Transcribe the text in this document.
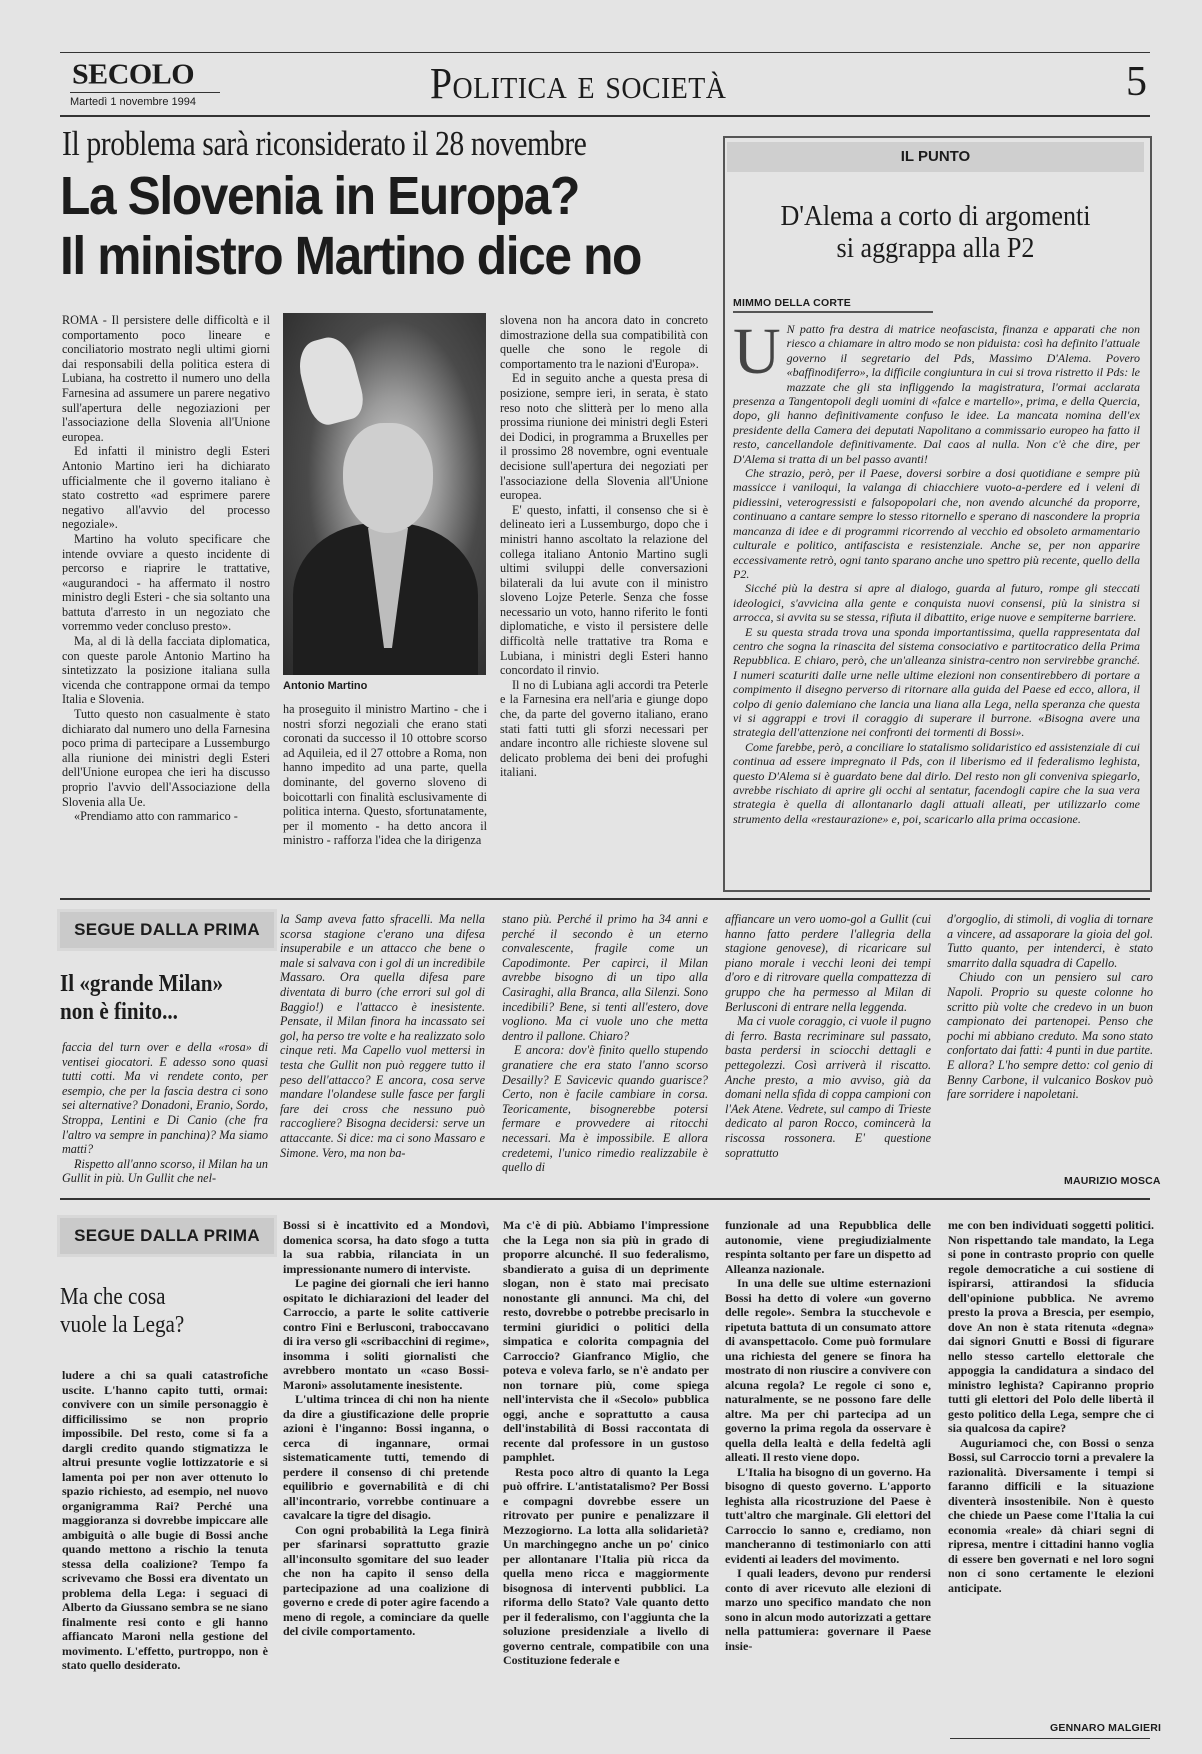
SECOLO
Martedì 1 novembre 1994	Politica e società	5
Il problema sarà riconsiderato il 28 novembre
La Slovenia in Europa?
Il ministro Martino dice no

ROMA - Il persistere delle difficoltà e il comportamento poco lineare e conciliatorio mostrato negli ultimi giorni dai responsabili della politica estera di Lubiana, ha costretto il numero uno della Farnesina ad assumere un parere negativo sull'apertura delle negoziazioni per l'associazione della Slovenia all'Unione europea.

Ed infatti il ministro degli Esteri Antonio Martino ieri ha dichiarato ufficialmente che il governo italiano è stato costretto «ad esprimere parere negativo all'avvio del processo negoziale».

Martino ha voluto specificare che intende ovviare a questo incidente di percorso e riaprire le trattative, «augurandoci - ha affermato il nostro ministro degli Esteri - che sia soltanto una battuta d'arresto in un negoziato che vorremmo veder concluso presto».

Ma, al di là della facciata diplomatica, con queste parole Antonio Martino ha sintetizzato la posizione italiana sulla vicenda che contrappone ormai da tempo Italia e Slovenia.

Tutto questo non casualmente è stato dichiarato dal numero uno della Farnesina poco prima di partecipare a Lussemburgo alla riunione dei ministri degli Esteri dell'Unione europea che ieri ha discusso proprio l'avvio dell'Associazione della Slovenia alla Ue.

«Prendiamo atto con rammarico -

Antonio Martino

ha proseguito il ministro Martino - che i nostri sforzi negoziali che erano stati coronati da successo il 10 ottobre scorso ad Aquileia, ed il 27 ottobre a Roma, non hanno impedito ad una parte, quella dominante, del governo sloveno di boicottarli con finalità esclusivamente di politica interna. Questo, sfortunatamente, per il momento - ha detto ancora il ministro - rafforza l'idea che la dirigenza

slovena non ha ancora dato in concreto dimostrazione della sua compatibilità con quelle che sono le regole di comportamento tra le nazioni d'Europa».

Ed in seguito anche a questa presa di posizione, sempre ieri, in serata, è stato reso noto che slitterà per lo meno alla prossima riunione dei ministri degli Esteri dei Dodici, in programma a Bruxelles per il prossimo 28 novembre, ogni eventuale decisione sull'apertura dei negoziati per l'associazione della Slovenia all'Unione europea.

E' questo, infatti, il consenso che si è delineato ieri a Lussemburgo, dopo che i ministri hanno ascoltato la relazione del collega italiano Antonio Martino sugli ultimi sviluppi delle conversazioni bilaterali da lui avute con il ministro sloveno Lojze Peterle. Senza che fosse necessario un voto, hanno riferito le fonti diplomatiche, e visto il persistere delle difficoltà nelle trattative tra Roma e Lubiana, i ministri degli Esteri hanno concordato il rinvio.

Il no di Lubiana agli accordi tra Peterle e la Farnesina era nell'aria e giunge dopo che, da parte del governo italiano, erano stati fatti tutti gli sforzi necessari per andare incontro alle richieste slovene sul delicato problema dei beni dei profughi italiani.

IL PUNTO
D'Alema a corto di argomenti
si aggrappa alla P2
MIMMO DELLA CORTE

U N patto fra destra di matrice neofascista, finanza e apparati che non riesco a chiamare in altro modo se non piduista: così ha definito l'attuale governo il segretario del Pds, Massimo D'Alema. Povero «baffinodiferro», la difficile congiuntura in cui si trova ristretto il Pds: le mazzate che gli sta infliggendo la magistratura, l'ormai acclarata presenza a Tangentopoli degli uomini di «falce e martello», prima, e della Quercia, dopo, gli hanno definitivamente confuso le idee. La mancata nomina dell'ex presidente della Camera dei deputati Napolitano a commissario europeo ha fatto il resto, cancellandole definitivamente. Dal caos al nulla. Non c'è che dire, per D'Alema si tratta di un bel passo avanti!

Che strazio, però, per il Paese, doversi sorbire a dosi quotidiane e sempre più massicce i vaniloqui, la valanga di chiacchiere vuoto-a-perdere ed i veleni di pidiessini, veterogressisti e falsopopolari che, non avendo alcunché da proporre, continuano a cantare sempre lo stesso ritornello e sperano di nascondere la propria mancanza di idee e di programmi ricorrendo al vecchio ed obsoleto armamentario culturale e politico, antifascista e resistenziale. Anche se, per non apparire eccessivamente retrò, ogni tanto sparano anche uno spettro più recente, quello della P2.

Sicché più la destra si apre al dialogo, guarda al futuro, rompe gli steccati ideologici, s'avvicina alla gente e conquista nuovi consensi, più la sinistra si arrocca, si avvita su se stessa, rifiuta il dibattito, erige nuove e sempiterne barriere.

E su questa strada trova una sponda importantissima, quella rappresentata dal centro che sogna la rinascita del sistema consociativo e partitocratico della Prima Repubblica. E chiaro, però, che un'alleanza sinistra-centro non servirebbe granché. I numeri scaturiti dalle urne nelle ultime elezioni non consentirebbero di portare a compimento il disegno perverso di ritornare alla guida del Paese ed ecco, allora, il colpo di genio dalemiano che lancia una liana alla Lega, nella speranza che questa vi si aggrappi e trovi il coraggio di superare il burrone. «Bisogna avere una strategia dell'attenzione nei confronti dei tormenti di Bossi».

Come farebbe, però, a conciliare lo statalismo solidaristico ed assistenziale di cui continua ad essere impregnato il Pds, con il liberismo ed il federalismo leghista, questo D'Alema si è guardato bene dal dirlo. Del resto non gli conveniva spiegarlo, avrebbe rischiato di aprire gli occhi al sentatur, facendogli capire che la sua vera strategia è quella di allontanarlo dagli attuali alleati, per utilizzarlo come strumento della «restaurazione» e, poi, scaricarlo alla prima occasione.

SEGUE DALLA PRIMA
Il «grande Milan»
non è finito...

faccia del turn over e della «rosa» di ventisei giocatori. E adesso sono quasi tutti cotti. Ma vi rendete conto, per esempio, che per la fascia destra ci sono sei alternative? Donadoni, Eranio, Sordo, Stroppa, Lentini e Di Canio (che fra l'altro va sempre in panchina)? Ma siamo matti?

Rispetto all'anno scorso, il Milan ha un Gullit in più. Un Gullit che nel-

la Samp aveva fatto sfracelli. Ma nella scorsa stagione c'erano una difesa insuperabile e un attacco che bene o male si salvava con i gol di un incredibile Massaro. Ora quella difesa pare diventata di burro (che errori sul gol di Baggio!) e l'attacco è inesistente. Pensate, il Milan finora ha incassato sei gol, ha perso tre volte e ha realizzato solo cinque reti. Ma Capello vuol mettersi in testa che Gullit non può reggere tutto il peso dell'attacco? E ancora, cosa serve mandare l'olandese sulle fasce per fargli fare dei cross che nessuno può raccogliere? Bisogna decidersi: serve un attaccante. Si dice: ma ci sono Massaro e Simone. Vero, ma non ba-

stano più. Perché il primo ha 34 anni e perché il secondo è un eterno convalescente, fragile come un Capodimonte. Per capirci, il Milan avrebbe bisogno di un tipo alla Casiraghi, alla Branca, alla Silenzi. Sono incedibili? Bene, si tenti all'estero, dove vogliono. Ma ci vuole uno che metta dentro il pallone. Chiaro?

E ancora: dov'è finito quello stupendo granatiere che era stato l'anno scorso Desailly? E Savicevic quando guarisce? Certo, non è facile cambiare in corsa. Teoricamente, bisognerebbe potersi fermare e provvedere ai ritocchi necessari. Ma è impossibile. E allora credetemi, l'unico rimedio realizzabile è quello di

affiancare un vero uomo-gol a Gullit (cui hanno fatto perdere l'allegria della stagione genovese), di ricaricare sul piano morale i vecchi leoni dei tempi d'oro e di ritrovare quella compattezza di gruppo che ha permesso al Milan di Berlusconi di entrare nella leggenda.

Ma ci vuole coraggio, ci vuole il pugno di ferro. Basta recriminare sul passato, basta perdersi in sciocchi dettagli e pettegolezzi. Così arriverà il riscatto. Anche presto, a mio avviso, già da domani nella sfida di coppa campioni con l'Aek Atene. Vedrete, sul campo di Trieste dedicato al paron Rocco, comincerà la riscossa rossonera. E' questione soprattutto

d'orgoglio, di stimoli, di voglia di tornare a vincere, ad assaporare la gioia del gol. Tutto quanto, per intenderci, è stato smarrito dalla squadra di Capello.

Chiudo con un pensiero sul caro Napoli. Proprio su queste colonne ho scritto più volte che credevo in un buon campionato dei partenopei. Penso che pochi mi abbiano creduto. Ma sono stato confortato dai fatti: 4 punti in due partite. E allora? L'ho sempre detto: col genio di Benny Carbone, il vulcanico Boskov può fare sorridere i napoletani.

MAURIZIO MOSCA
SEGUE DALLA PRIMA
Ma che cosa
vuole la Lega?

ludere a chi sa quali catastrofiche uscite. L'hanno capito tutti, ormai: convivere con un simile personaggio è difficilissimo se non proprio impossibile. Del resto, come si fa a dargli credito quando stigmatizza le altrui presunte voglie lottizzatorie e si lamenta poi per non aver ottenuto lo spazio richiesto, ad esempio, nel nuovo organigramma Rai? Perché una maggioranza si dovrebbe impiccare alle ambiguità o alle bugie di Bossi anche quando mettono a rischio la tenuta stessa della coalizione? Tempo fa scrivevamo che Bossi era diventato un problema della Lega: i seguaci di Alberto da Giussano sembra se ne siano finalmente resi conto e gli hanno affiancato Maroni nella gestione del movimento. L'effetto, purtroppo, non è stato quello desiderato.

Bossi si è incattivito ed a Mondovì, domenica scorsa, ha dato sfogo a tutta la sua rabbia, rilanciata in un impressionante numero di interviste.

Le pagine dei giornali che ieri hanno ospitato le dichiarazioni del leader del Carroccio, a parte le solite cattiverie contro Fini e Berlusconi, traboccavano di ira verso gli «scribacchini di regime», insomma i soliti giornalisti che avrebbero montato un «caso Bossi-Maroni» assolutamente inesistente.

L'ultima trincea di chi non ha niente da dire a giustificazione delle proprie azioni è l'inganno: Bossi inganna, o cerca di ingannare, ormai sistematicamente tutti, temendo di perdere il consenso di chi pretende equilibrio e governabilità e di chi all'incontrario, vorrebbe continuare a cavalcare la tigre del disagio.

Con ogni probabilità la Lega finirà per sfarinarsi soprattutto grazie all'inconsulto sgomitare del suo leader che non ha capito il senso della partecipazione ad una coalizione di governo e crede di poter agire facendo a meno di regole, a cominciare da quelle del civile comportamento.

Ma c'è di più. Abbiamo l'impressione che la Lega non sia più in grado di proporre alcunché. Il suo federalismo, sbandierato a guisa di un deprimente slogan, non è stato mai precisato nonostante gli annunci. Ma chi, del resto, dovrebbe o potrebbe precisarlo in termini giuridici o politici della simpatica e colorita compagnia del Carroccio? Gianfranco Miglio, che poteva e voleva farlo, se n'è andato per non tornare più, come spiega nell'intervista che il «Secolo» pubblica oggi, anche e soprattutto a causa dell'instabilità di Bossi raccontata di recente dal professore in un gustoso pamphlet.

Resta poco altro di quanto la Lega può offrire. L'antistatalismo? Per Bossi e compagni dovrebbe essere un ritrovato per punire e penalizzare il Mezzogiorno. La lotta alla solidarietà? Un marchingegno anche un po' cinico per allontanare l'Italia più ricca da quella meno ricca e maggiormente bisognosa di interventi pubblici. La riforma dello Stato? Vale quanto detto per il federalismo, con l'aggiunta che la soluzione presidenziale a livello di governo centrale, compatibile con una Costituzione federale e

funzionale ad una Repubblica delle autonomie, viene pregiudizialmente respinta soltanto per fare un dispetto ad Alleanza nazionale.

In una delle sue ultime esternazioni Bossi ha detto di volere «un governo delle regole». Sembra la stucchevole e ripetuta battuta di un consumato attore di avanspettacolo. Come può formulare una richiesta del genere se finora ha mostrato di non riuscire a convivere con alcuna regola? Le regole ci sono e, naturalmente, se ne possono fare delle altre. Ma per chi partecipa ad un governo la prima regola da osservare è quella della lealtà e della fedeltà agli alleati. Il resto viene dopo.

L'Italia ha bisogno di un governo. Ha bisogno di questo governo. L'apporto leghista alla ricostruzione del Paese è tutt'altro che marginale. Gli elettori del Carroccio lo sanno e, crediamo, non mancheranno di testimoniarlo con atti evidenti ai leaders del movimento.

I quali leaders, devono pur rendersi conto di aver ricevuto alle elezioni di marzo uno specifico mandato che non sono in alcun modo autorizzati a gettare nella pattumiera: governare il Paese insie-

me con ben individuati soggetti politici. Non rispettando tale mandato, la Lega si pone in contrasto proprio con quelle regole democratiche a cui sostiene di ispirarsi, attirandosi la sfiducia dell'opinione pubblica. Ne avremo presto la prova a Brescia, per esempio, dove An non è stata ritenuta «degna» dai signori Gnutti e Bossi di figurare nello stesso cartello elettorale che appoggia la candidatura a sindaco del ministro leghista? Capiranno proprio tutti gli elettori del Polo delle libertà il gesto politico della Lega, sempre che ci sia qualcosa da capire?

Auguriamoci che, con Bossi o senza Bossi, sul Carroccio torni a prevalere la razionalità. Diversamente i tempi si faranno difficili e la situazione diventerà insostenibile. Non è questo che chiede un Paese come l'Italia la cui economia «reale» dà chiari segni di ripresa, mentre i cittadini hanno voglia di essere ben governati e nel loro sogni non ci sono certamente le elezioni anticipate.

GENNARO MALGIERI
